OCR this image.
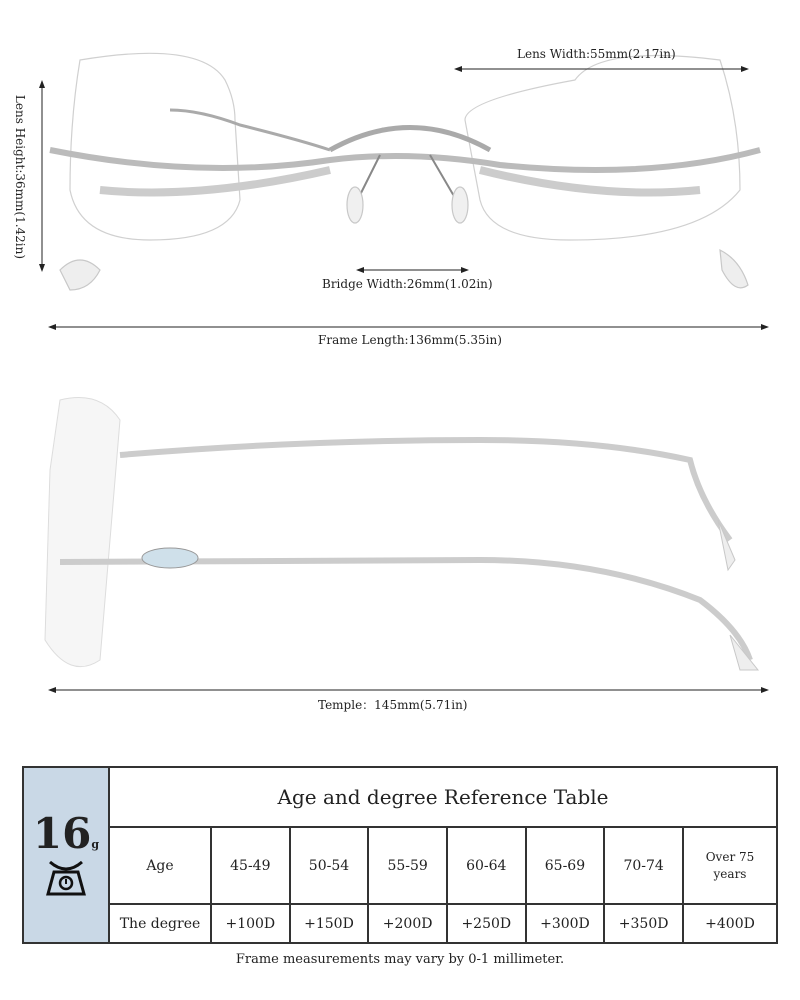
Lens Width:55mm(2.17in)
Lens Height:36mm(1.42in)
Bridge Width:26mm(1.02in)
Frame Length:136mm(5.35in)
Temple：145mm(5.71in)
16g	Age and degree Reference Table							
	Age	45-49	50-54	55-59	60-64	65-69	70-74	Over 75 years
	The degree	+100D	+150D	+200D	+250D	+300D	+350D	+400D
Frame measurements may vary by 0-1 millimeter.
